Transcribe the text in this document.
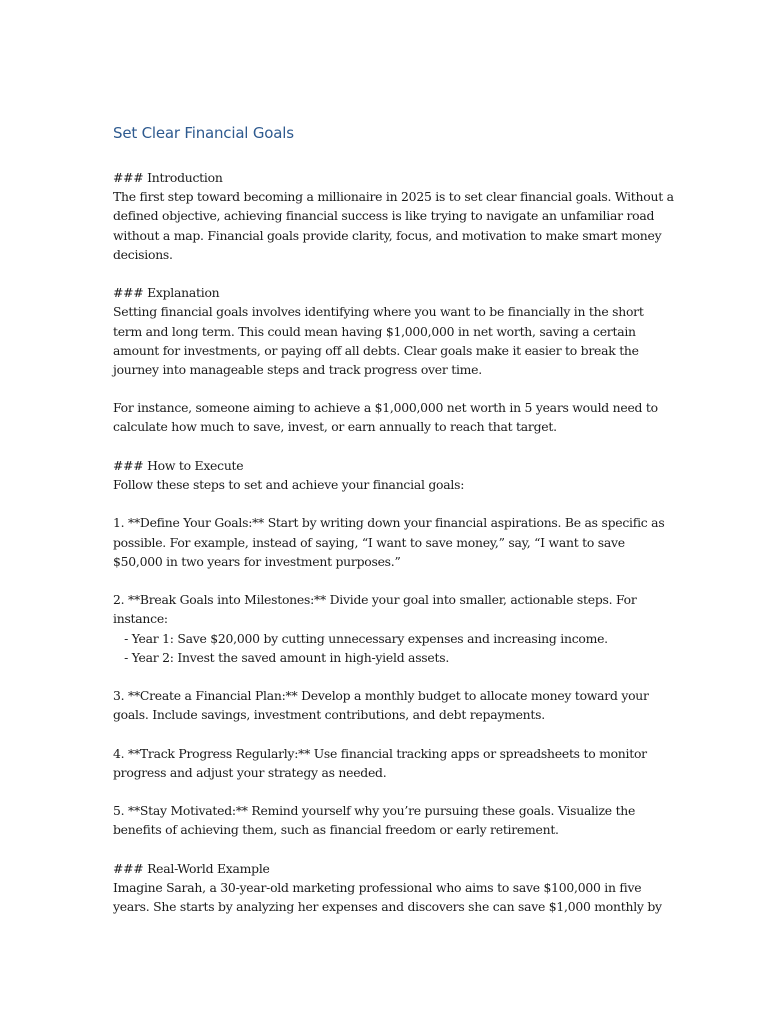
Set Clear Financial Goals
### Introduction
The first step toward becoming a millionaire in 2025 is to set clear financial goals. Without a
defined objective, achieving financial success is like trying to navigate an unfamiliar road
without a map. Financial goals provide clarity, focus, and motivation to make smart money
decisions.
### Explanation
Setting financial goals involves identifying where you want to be financially in the short
term and long term. This could mean having $1,000,000 in net worth, saving a certain
amount for investments, or paying off all debts. Clear goals make it easier to break the
journey into manageable steps and track progress over time.
For instance, someone aiming to achieve a $1,000,000 net worth in 5 years would need to
calculate how much to save, invest, or earn annually to reach that target.
### How to Execute
Follow these steps to set and achieve your financial goals:
1. **Define Your Goals:** Start by writing down your financial aspirations. Be as specific as
possible. For example, instead of saying, “I want to save money,” say, “I want to save
$50,000 in two years for investment purposes.”
2. **Break Goals into Milestones:** Divide your goal into smaller, actionable steps. For
instance:
- Year 1: Save $20,000 by cutting unnecessary expenses and increasing income.
- Year 2: Invest the saved amount in high-yield assets.
3. **Create a Financial Plan:** Develop a monthly budget to allocate money toward your
goals. Include savings, investment contributions, and debt repayments.
4. **Track Progress Regularly:** Use financial tracking apps or spreadsheets to monitor
progress and adjust your strategy as needed.
5. **Stay Motivated:** Remind yourself why you’re pursuing these goals. Visualize the
benefits of achieving them, such as financial freedom or early retirement.
### Real-World Example
Imagine Sarah, a 30-year-old marketing professional who aims to save $100,000 in five
years. She starts by analyzing her expenses and discovers she can save $1,000 monthly by
